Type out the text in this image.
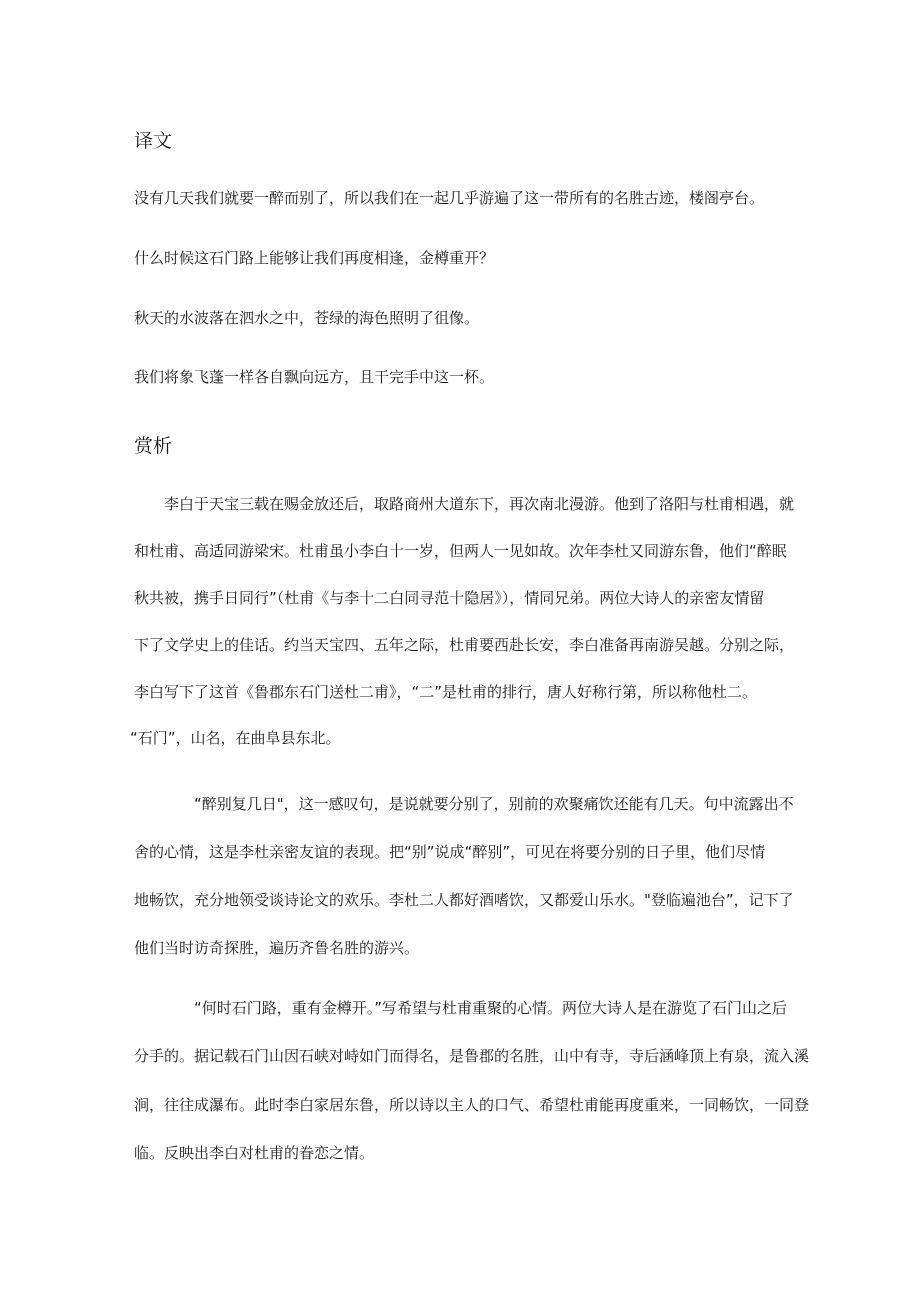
译文
没有几天我们就要一醉而别了，所以我们在一起几乎游遍了这一带所有的名胜古迹，楼阁亭台。
什么时候这石门路上能够让我们再度相逢，金樽重开？
秋天的水波落在泗水之中，苍绿的海色照明了徂像。
我们将象飞蓬一样各自飘向远方，且干完手中这一杯。
赏析
　　李白于天宝三载在赐金放还后，取路商州大道东下，再次南北漫游。他到了洛阳与杜甫相遇，就
和杜甫、高适同游梁宋。杜甫虽小李白十一岁，但两人一见如故。次年李杜又同游东鲁，他们“醉眠
秋共被，携手日同行”（杜甫《与李十二白同寻范十隐居》），情同兄弟。两位大诗人的亲密友情留
下了文学史上的佳话。约当天宝四、五年之际，杜甫要西赴长安，李白准备再南游吴越。分别之际，
李白写下了这首《鲁郡东石门送杜二甫》，“二”是杜甫的排行，唐人好称行第，所以称他杜二。
“石门”，山名，在曲阜县东北。
　　　　“醉别复几日"，这一感叹句，是说就要分别了，别前的欢聚痛饮还能有几天。句中流露出不
舍的心情，这是李杜亲密友谊的表现。把“别”说成“醉别”，可见在将要分别的日子里，他们尽情
地畅饮，充分地领受谈诗论文的欢乐。李杜二人都好酒嗜饮，又都爱山乐水。"登临遍池台”，记下了
他们当时访奇探胜，遍历齐鲁名胜的游兴。
　　　　“何时石门路，重有金樽开。”写希望与杜甫重聚的心情。两位大诗人是在游览了石门山之后
分手的。据记载石门山因石峡对峙如门而得名，是鲁郡的名胜，山中有寺，寺后涵峰顶上有泉，流入溪
涧，往往成瀑布。此时李白家居东鲁，所以诗以主人的口气、希望杜甫能再度重来，一同畅饮，一同登
临。反映出李白对杜甫的眷恋之情。
